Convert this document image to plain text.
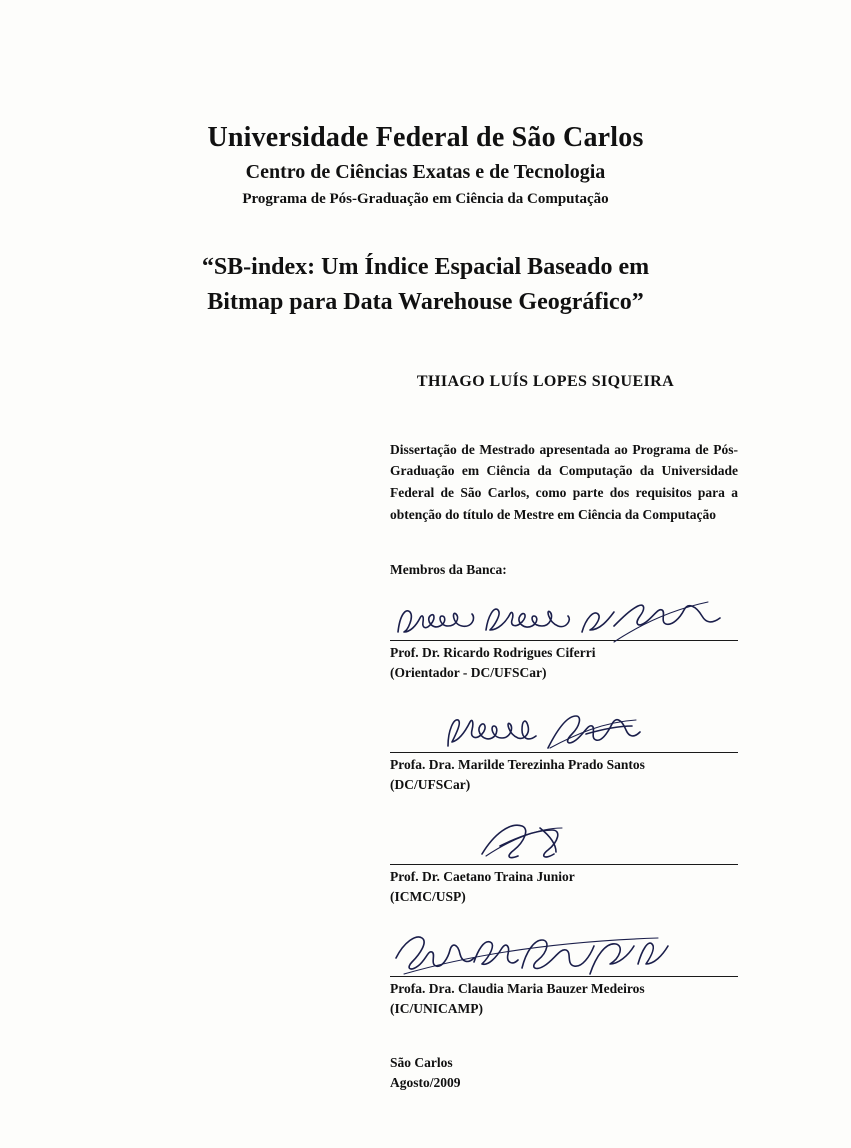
Universidade Federal de São Carlos
Centro de Ciências Exatas e de Tecnologia
Programa de Pós-Graduação em Ciência da Computação
“SB-index: Um Índice Espacial Baseado em
Bitmap para Data Warehouse Geográfico”
THIAGO LUÍS LOPES SIQUEIRA
Dissertação de Mestrado apresentada ao Programa de Pós-Graduação em Ciência da Computação da Universidade Federal de São Carlos, como parte dos requisitos para a obtenção do título de Mestre em Ciência da Computação
Membros da Banca:
Prof. Dr. Ricardo Rodrigues Ciferri
(Orientador - DC/UFSCar)
Profa. Dra. Marilde Terezinha Prado Santos
(DC/UFSCar)
Prof. Dr. Caetano Traina Junior
(ICMC/USP)
Profa. Dra. Claudia Maria Bauzer Medeiros
(IC/UNICAMP)
São Carlos
Agosto/2009
